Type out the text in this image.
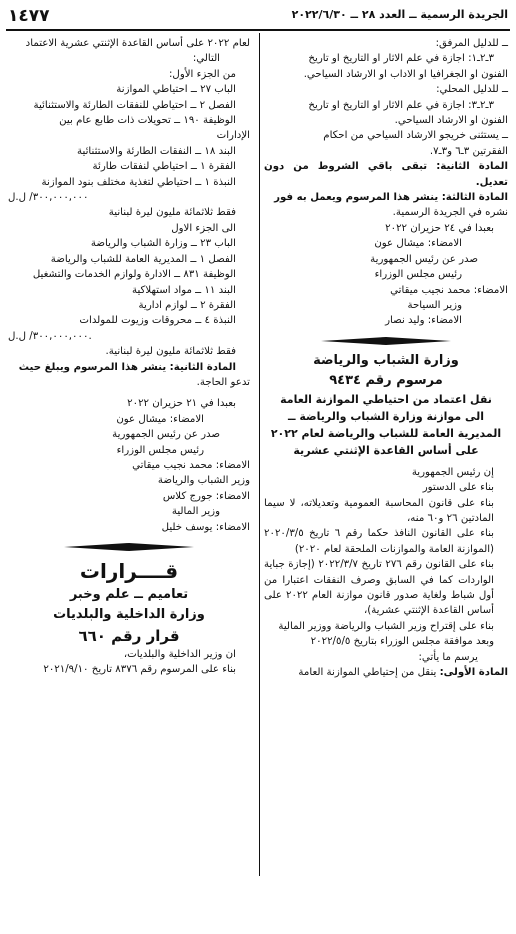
الجريدة الرسمية ــ العدد ٢٨ ــ ٢٠٢٢/٦/٣٠
١٤٧٧

ــ للدليل المرفق:

٣ـ٢ـ١: اجازة في علم الاثار او التاريخ او تاريخ

الفنون او الجغرافيا او الاداب او الارشاد السياحي.

ــ للدليل المحلي:

٣ـ٢ـ٣: اجازة في علم الاثار او التاريخ او تاريخ

الفنون او الارشاد السياحي.

ــ يستثنى خريجو الارشاد السياحي من احكام

الفقرتين ٣ـ٦ و٣ـ٧.

المادة الثانية: تبقى باقي الشروط من دون تعديل.

المادة الثالثة: ينشر هذا المرسوم ويعمل به فور

نشره في الجريدة الرسمية.

بعبدا في ٢٤ حزيران ٢٠٢٢

الامضاء: ميشال عون

صدر عن رئيس الجمهورية

رئيس مجلس الوزراء

الامضاء: محمد نجيب ميقاتي

وزير السياحة

الامضاء: وليد نصار

وزارة الشباب والرياضة

مرسوم رقم ٩٤٣٤

نقل اعتماد من احتياطي الموازنة العامة

الى موازنة وزارة الشباب والرياضة ــ

المديرية العامة للشباب والرياضة لعام ٢٠٢٢

على أساس القاعدة الإثنتي عشرية

إن رئيس الجمهورية

بناء على الدستور

بناء على قانون المحاسبة العمومية وتعديلاته، لا سيما المادتين ٢٦ و٦٠ منه،

بناء على القانون النافذ حكما رقم ٦ تاريخ ٢٠٢٠/٣/٥ (الموازنة العامة والموازنات الملحقة لعام ٢٠٢٠)

بناء على القانون رقم ٢٧٦ تاريخ ٢٠٢٢/٣/٧ (إجازة جباية الواردات كما في السابق وصرف النفقات اعتبارا من أول شباط ولغاية صدور قانون موازنة العام ٢٠٢٢ على أساس القاعدة الإثنتي عشرية)،

بناء على إقتراح وزير الشباب والرياضة ووزير المالية

وبعد موافقة مجلس الوزراء بتاريخ ٢٠٢٢/٥/٥

يرسم ما يأتي:

المادة الأولى: ينقل من إحتياطي الموازنة العامة

لعام ٢٠٢٢ على أساس القاعدة الإثنتي عشرية الاعتماد

التالي:

من الجزء الأول:

الباب ٢٧ ــ احتياطي الموازنة

الفصل ٢ ــ احتياطي للنفقات الطارئة والاستثنائية

الوظيفة ١٩٠ ــ تحويلات ذات طابع عام بين

الإدارات

البند ١٨ ــ النفقات الطارئة والاستثنائية

الفقرة ١ ــ احتياطي لنفقات طارئة

النبذة ١ ــ احتياطي لتغذية مختلف بنود الموازنة

٣٠٠,٠٠٠,٠٠٠/ ل.ل

فقط ثلاثمائة مليون ليرة لبنانية

الى الجزء الاول

الباب ٢٣ ــ وزارة الشباب والرياضة

الفصل ١ ــ المديرية العامة للشباب والرياضة

الوظيفة ٨٣١ ــ الادارة ولوازم الخدمات والتشغيل

البند ١١ ــ مواد استهلاكية

الفقرة ٢ ــ لوازم ادارية

النبذة ٤ ــ محروقات وزيوت للمولدات

٣٠٠,٠٠٠,٠٠٠/ ل.ل.

فقط ثلاثمائة مليون ليرة لبنانية.

المادة الثانية: ينشر هذا المرسوم ويبلغ حيث

تدعو الحاجة.

بعبدا في ٢١ حزيران ٢٠٢٢

الامضاء: ميشال عون

صدر عن رئيس الجمهورية

رئيس مجلس الوزراء

الامضاء: محمد نجيب ميقاتي

وزير الشباب والرياضة

الامضاء: جورج كلاس

وزير المالية

الامضاء: يوسف خليل

قــــرارات

تعاميم ــ علم وخبر

وزارة الداخلية والبلديات

قرار رقم ٦٦٠

ان وزير الداخلية والبلديات،

بناء على المرسوم رقم ٨٣٧٦ تاريخ ٢٠٢١/٩/١٠
